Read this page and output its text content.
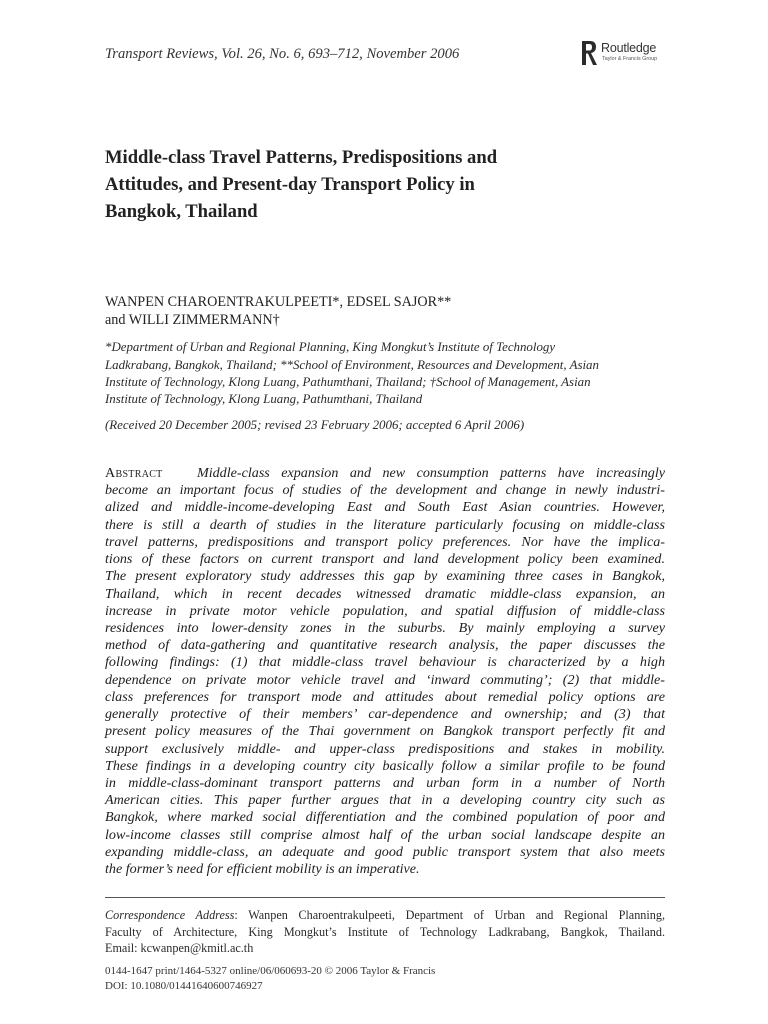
Transport Reviews, Vol. 26, No. 6, 693–712, November 2006	Routledge
Taylor & Francis Group
Middle-class Travel Patterns, Predispositions and
Attitudes, and Present-day Transport Policy in
Bangkok, Thailand
WANPEN CHAROENTRAKULPEETI*, EDSEL SAJOR**
and WILLI ZIMMERMANN†
*Department of Urban and Regional Planning, King Mongkut’s Institute of Technology
Ladkrabang, Bangkok, Thailand; **School of Environment, Resources and Development, Asian
Institute of Technology, Klong Luang, Pathumthani, Thailand; †School of Management, Asian
Institute of Technology, Klong Luang, Pathumthani, Thailand
(Received 20 December 2005; revised 23 February 2006; accepted 6 April 2006)
Abstract Middle-class expansion and new consumption patterns have increasingly
become an important focus of studies of the development and change in newly industri-
alized and middle-income-developing East and South East Asian countries. However,
there is still a dearth of studies in the literature particularly focusing on middle-class
travel patterns, predispositions and transport policy preferences. Nor have the implica-
tions of these factors on current transport and land development policy been examined.
The present exploratory study addresses this gap by examining three cases in Bangkok,
Thailand, which in recent decades witnessed dramatic middle-class expansion, an
increase in private motor vehicle population, and spatial diffusion of middle-class
residences into lower-density zones in the suburbs. By mainly employing a survey
method of data-gathering and quantitative research analysis, the paper discusses the
following findings: (1) that middle-class travel behaviour is characterized by a high
dependence on private motor vehicle travel and ‘inward commuting’; (2) that middle-
class preferences for transport mode and attitudes about remedial policy options are
generally protective of their members’ car-dependence and ownership; and (3) that
present policy measures of the Thai government on Bangkok transport perfectly fit and
support exclusively middle- and upper-class predispositions and stakes in mobility.
These findings in a developing country city basically follow a similar profile to be found
in middle-class-dominant transport patterns and urban form in a number of North
American cities. This paper further argues that in a developing country city such as
Bangkok, where marked social differentiation and the combined population of poor and
low-income classes still comprise almost half of the urban social landscape despite an
expanding middle-class, an adequate and good public transport system that also meets
the former’s need for efficient mobility is an imperative.
Correspondence Address: Wanpen Charoentrakulpeeti, Department of Urban and Regional Planning,
Faculty of Architecture, King Mongkut’s Institute of Technology Ladkrabang, Bangkok, Thailand.
Email: kcwanpen@kmitl.ac.th
0144-1647 print/1464-5327 online/06/060693-20 © 2006 Taylor & Francis
DOI: 10.1080/01441640600746927
